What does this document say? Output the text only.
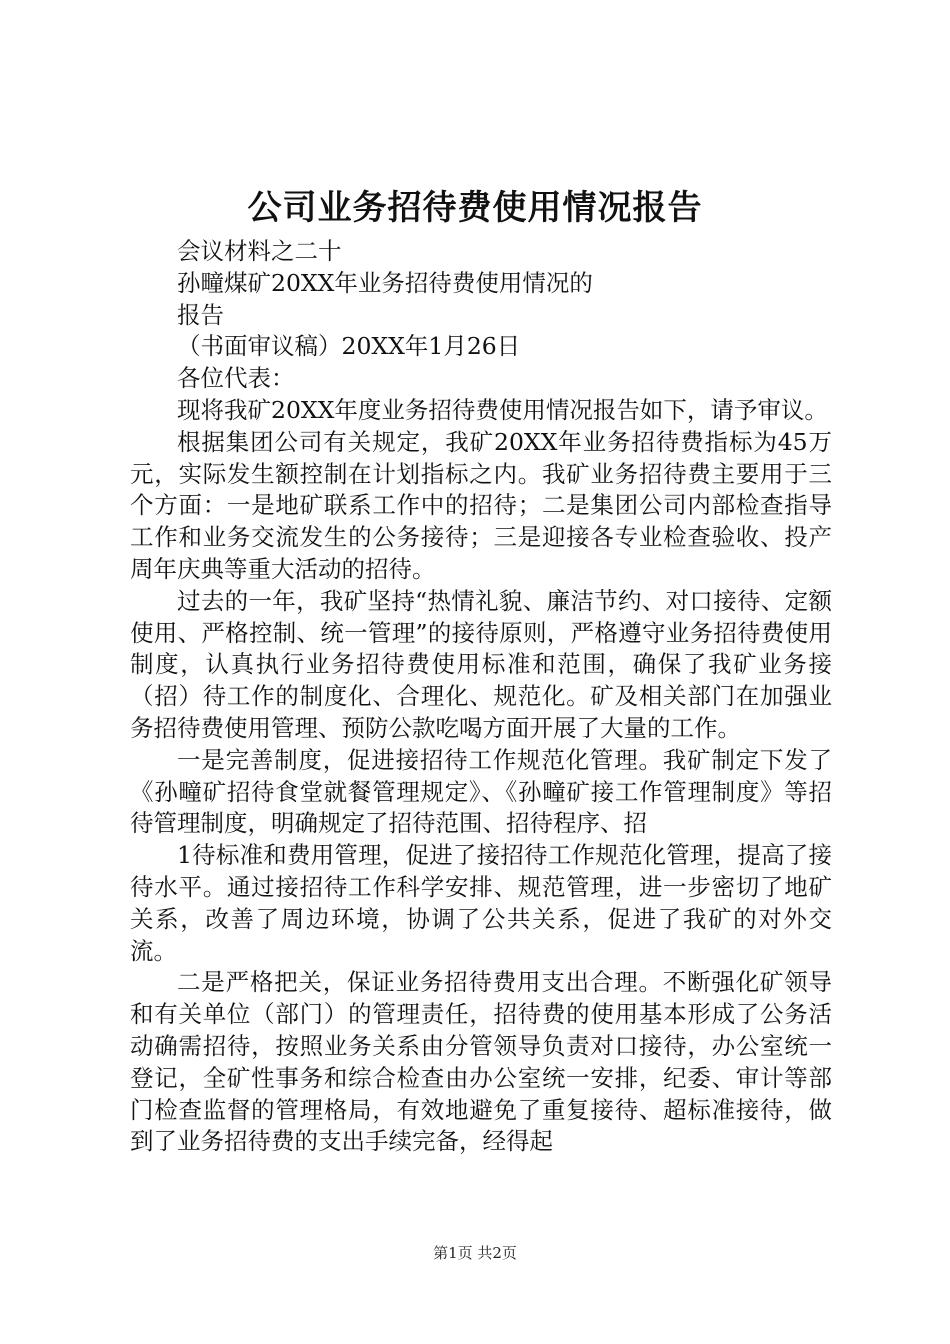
公司业务招待费使用情况报告

会议材料之二十

孙疃煤矿20XX年业务招待费使用情况的

报告

（书面审议稿）20XX年1月26日

各位代表：

现将我矿20XX年度业务招待费使用情况报告如下，请予审议。

根据集团公司有关规定，我矿20XX年业务招待费指标为45万元，实际发生额控制在计划指标之内。我矿业务招待费主要用于三个方面：一是地矿联系工作中的招待；二是集团公司内部检查指导工作和业务交流发生的公务接待；三是迎接各专业检查验收、投产周年庆典等重大活动的招待。

过去的一年，我矿坚持“热情礼貌、廉洁节约、对口接待、定额使用、严格控制、统一管理”的接待原则，严格遵守业务招待费使用制度，认真执行业务招待费使用标准和范围，确保了我矿业务接（招）待工作的制度化、合理化、规范化。矿及相关部门在加强业务招待费使用管理、预防公款吃喝方面开展了大量的工作。

一是完善制度，促进接招待工作规范化管理。我矿制定下发了《孙疃矿招待食堂就餐管理规定》、《孙疃矿接工作管理制度》等招待管理制度，明确规定了招待范围、招待程序、招

1待标准和费用管理，促进了接招待工作规范化管理，提高了接待水平。通过接招待工作科学安排、规范管理，进一步密切了地矿关系，改善了周边环境，协调了公共关系，促进了我矿的对外交流。

二是严格把关，保证业务招待费用支出合理。不断强化矿领导和有关单位（部门）的管理责任，招待费的使用基本形成了公务活动确需招待，按照业务关系由分管领导负责对口接待，办公室统一登记，全矿性事务和综合检查由办公室统一安排，纪委、审计等部门检查监督的管理格局，有效地避免了重复接待、超标准接待，做到了业务招待费的支出手续完备，经得起

第1页 共2页
